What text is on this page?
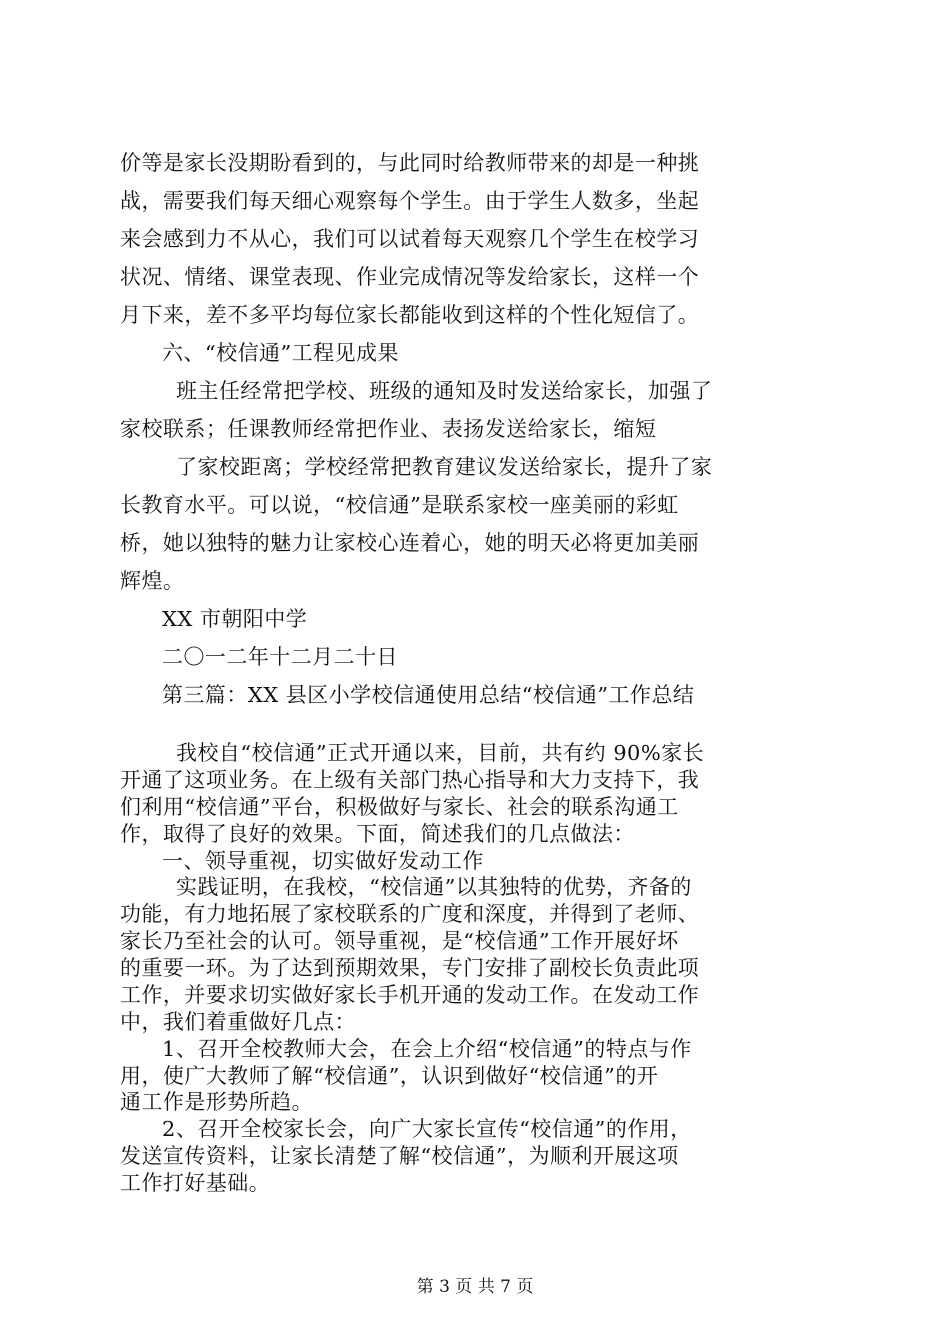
价等是家长没期盼看到的，与此同时给教师带来的却是一种挑
战，需要我们每天细心观察每个学生。由于学生人数多，坐起
来会感到力不从心，我们可以试着每天观察几个学生在校学习
状况、情绪、课堂表现、作业完成情况等发给家长，这样一个
月下来，差不多平均每位家长都能收到这样的个性化短信了。
六、“校信通”工程见成果
班主任经常把学校、班级的通知及时发送给家长，加强了
家校联系；任课教师经常把作业、表扬发送给家长，缩短
了家校距离；学校经常把教育建议发送给家长，提升了家
长教育水平。可以说，“校信通”是联系家校一座美丽的彩虹
桥，她以独特的魅力让家校心连着心，她的明天必将更加美丽
辉煌。
XX 市朝阳中学
二〇一二年十二月二十日
第三篇：XX 县区小学校信通使用总结“校信通”工作总结
我校自“校信通”正式开通以来，目前，共有约 90%家长
开通了这项业务。在上级有关部门热心指导和大力支持下，我
们利用“校信通”平台，积极做好与家长、社会的联系沟通工
作，取得了良好的效果。下面，简述我们的几点做法：
一、领导重视，切实做好发动工作
实践证明，在我校，“校信通”以其独特的优势，齐备的
功能，有力地拓展了家校联系的广度和深度，并得到了老师、
家长乃至社会的认可。领导重视，是“校信通”工作开展好坏
的重要一环。为了达到预期效果，专门安排了副校长负责此项
工作，并要求切实做好家长手机开通的发动工作。在发动工作
中，我们着重做好几点：
1、召开全校教师大会，在会上介绍“校信通”的特点与作
用，使广大教师了解“校信通”，认识到做好“校信通”的开
通工作是形势所趋。
第 3 页 共 7 页
2、召开全校家长会，向广大家长宣传“校信通”的作用，
发送宣传资料，让家长清楚了解“校信通”，为顺利开展这项
工作打好基础。
